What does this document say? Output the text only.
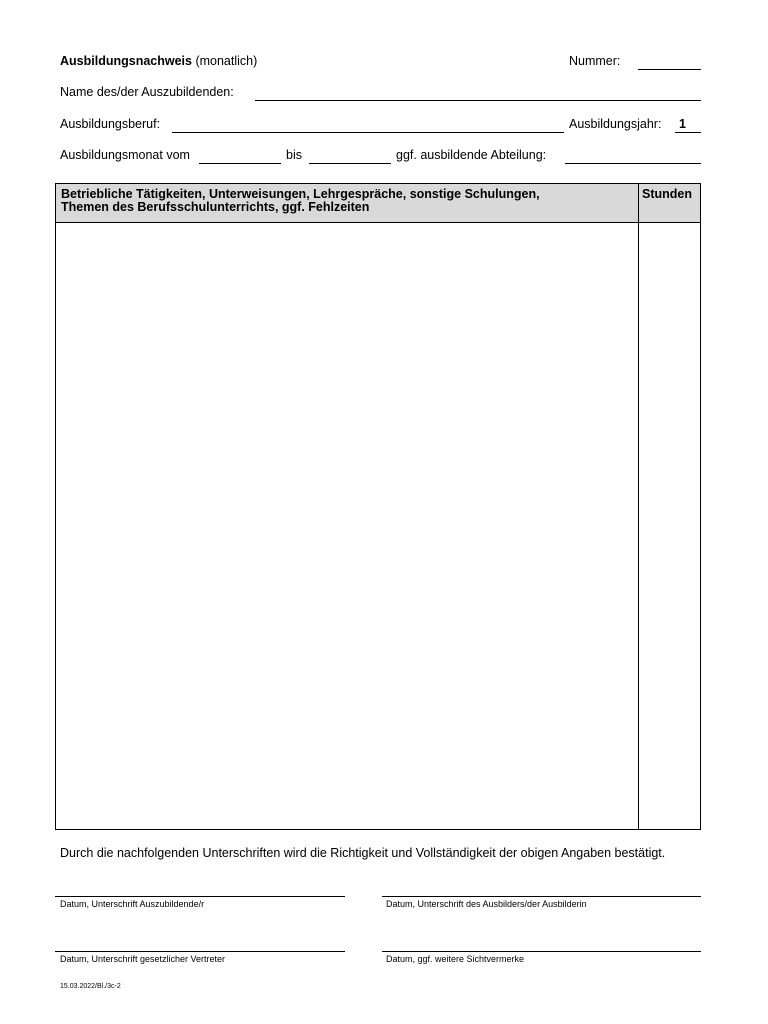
Ausbildungsnachweis (monatlich)	Nummer:
Name des/der Auszubildenden:
Ausbildungsberuf:	Ausbildungsjahr: 1
Ausbildungsmonat vom	bis	ggf. ausbildende Abteilung:
Betriebliche Tätigkeiten, Unterweisungen, Lehrgespräche, sonstige Schulungen,
Themen des Berufsschulunterrichts, ggf. Fehlzeiten
Stunden
Durch die nachfolgenden Unterschriften wird die Richtigkeit und Vollständigkeit der obigen Angaben bestätigt.
Datum, Unterschrift Auszubildende/r	Datum, Unterschrift des Ausbilders/der Ausbilderin
Datum, Unterschrift gesetzlicher Vertreter	Datum, ggf. weitere Sichtvermerke
15.03.2022/Bl./3c-2
